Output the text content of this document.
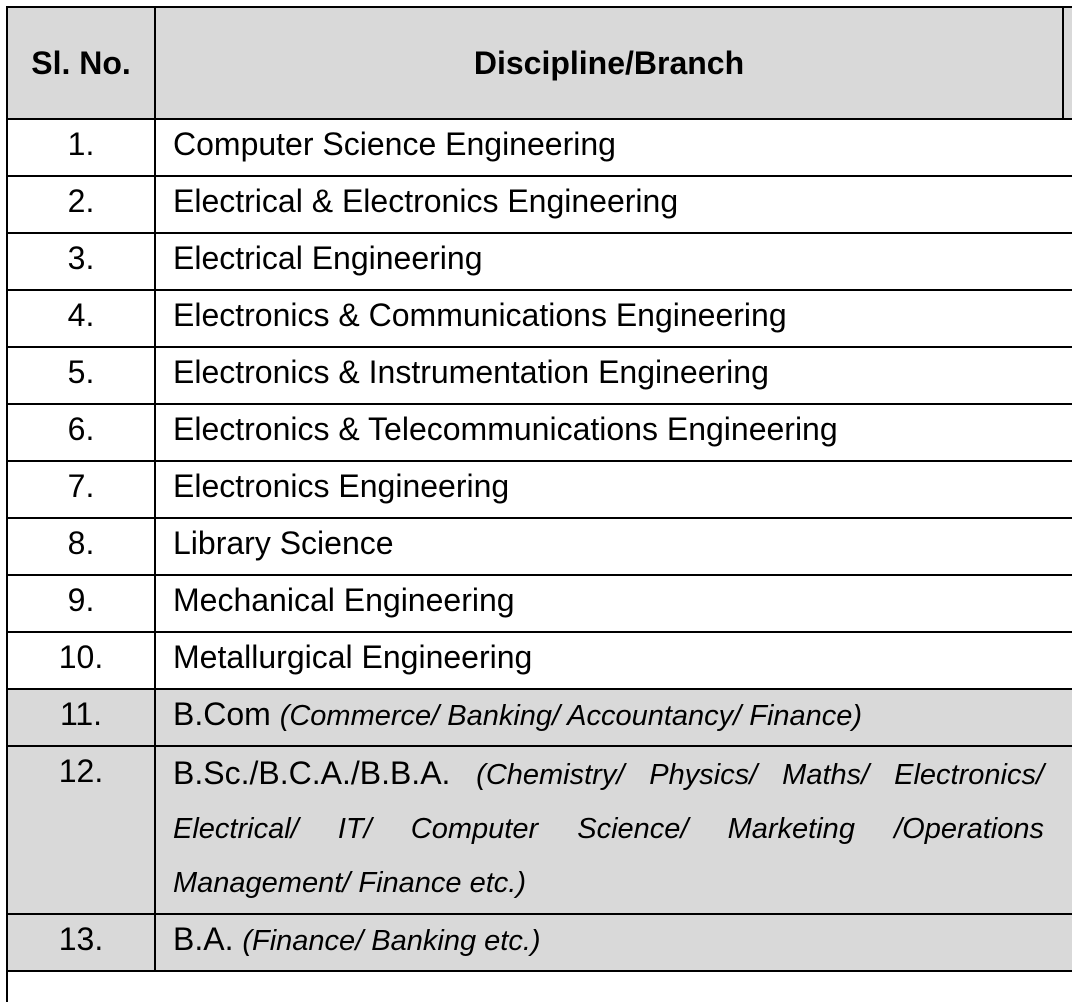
Sl. No.	Discipline/Branch	
1.	Computer Science Engineering	
2.	Electrical & Electronics Engineering	
3.	Electrical Engineering	
4.	Electronics & Communications Engineering	
5.	Electronics & Instrumentation Engineering	
6.	Electronics & Telecommunications Engineering	
7.	Electronics Engineering	
8.	Library Science	
9.	Mechanical Engineering	
10.	Metallurgical Engineering	
11.	B.Com (Commerce/ Banking/ Accountancy/ Finance)	
12.	B.Sc./B.C.A./B.B.A. (Chemistry/ Physics/ Maths/ Electronics/ Electrical/ IT/ Computer Science/ Marketing /Operations Management/ Finance etc.)	
13.	B.A. (Finance/ Banking etc.)	
